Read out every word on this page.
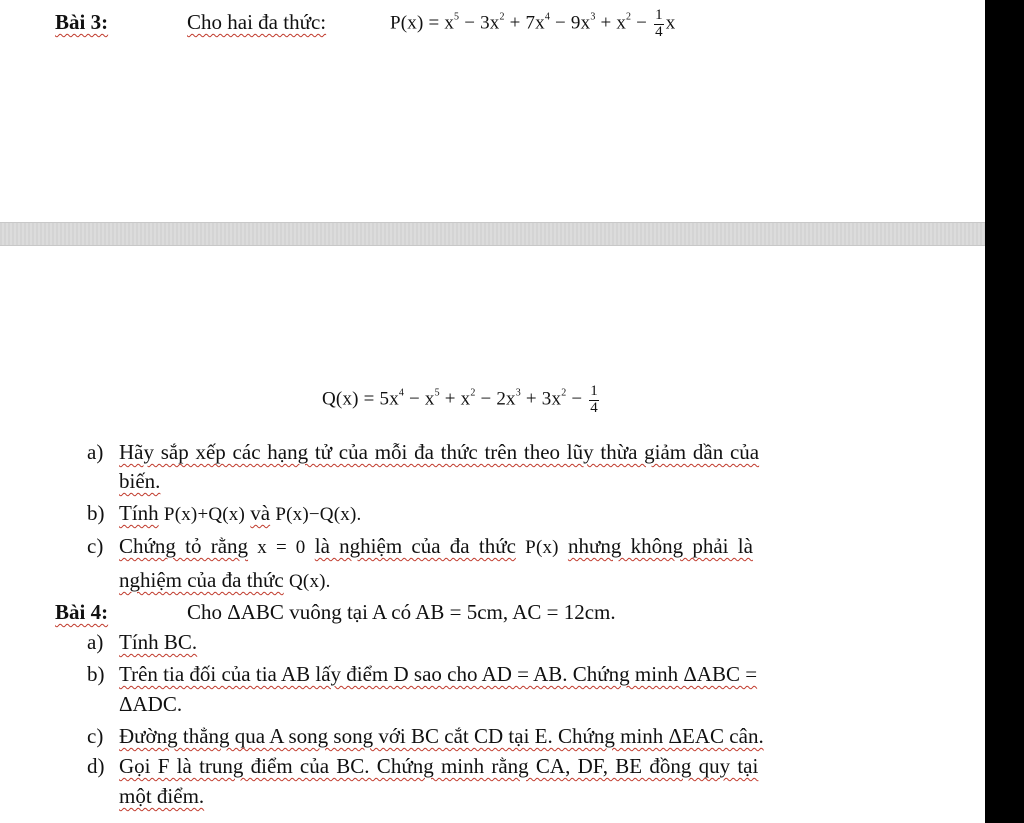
Bài 3:	Cho hai đa thức:	$P(x) = x^5 - 3x^2 + 7x^4 - 9x^3 + x^2 - \frac{1}{4}$ x
$Q(x) = 5x^4 - x^5 + x^2 - 2x^3 + 3x^2 - \frac{1}{4}$
a) Hãy sắp xếp các hạng tử của mỗi đa thức trên theo lũy thừa giảm dần của
biến.
b) Tính P(x)+Q(x) và P(x)−Q(x).
c) Chứng tỏ rằng x = 0 là nghiệm của đa thức P(x) nhưng không phải là
nghiệm của đa thức Q(x).
Bài 4:	Cho ΔABC vuông tại A có AB = 5cm, AC = 12cm.
a) Tính BC.
b) Trên tia đối của tia AB lấy điểm D sao cho AD = AB. Chứng minh ΔABC =
ΔADC.
c) Đường thẳng qua A song song với BC cắt CD tại E. Chứng minh ΔEAC cân.
d) Gọi F là trung điểm của BC. Chứng minh rằng CA, DF, BE đồng quy tại
một điểm.
